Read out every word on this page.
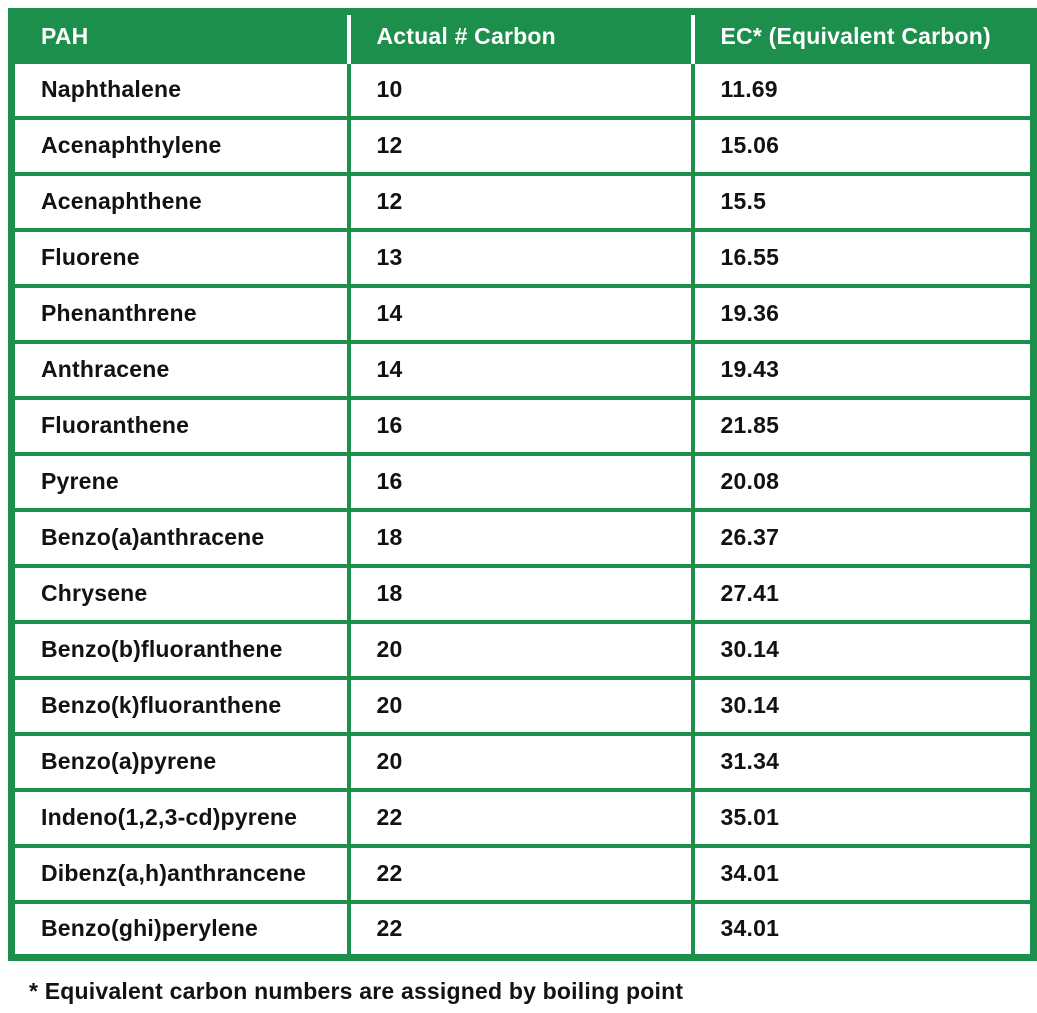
PAH	Actual # Carbon	EC* (Equivalent Carbon)
Naphthalene	10	11.69
Acenaphthylene	12	15.06
Acenaphthene	12	15.5
Fluorene	13	16.55
Phenanthrene	14	19.36
Anthracene	14	19.43
Fluoranthene	16	21.85
Pyrene	16	20.08
Benzo(a)anthracene	18	26.37
Chrysene	18	27.41
Benzo(b)fluoranthene	20	30.14
Benzo(k)fluoranthene	20	30.14
Benzo(a)pyrene	20	31.34
Indeno(1,2,3-cd)pyrene	22	35.01
Dibenz(a,h)anthrancene	22	34.01
Benzo(ghi)perylene	22	34.01

* Equivalent carbon numbers are assigned by boiling point
